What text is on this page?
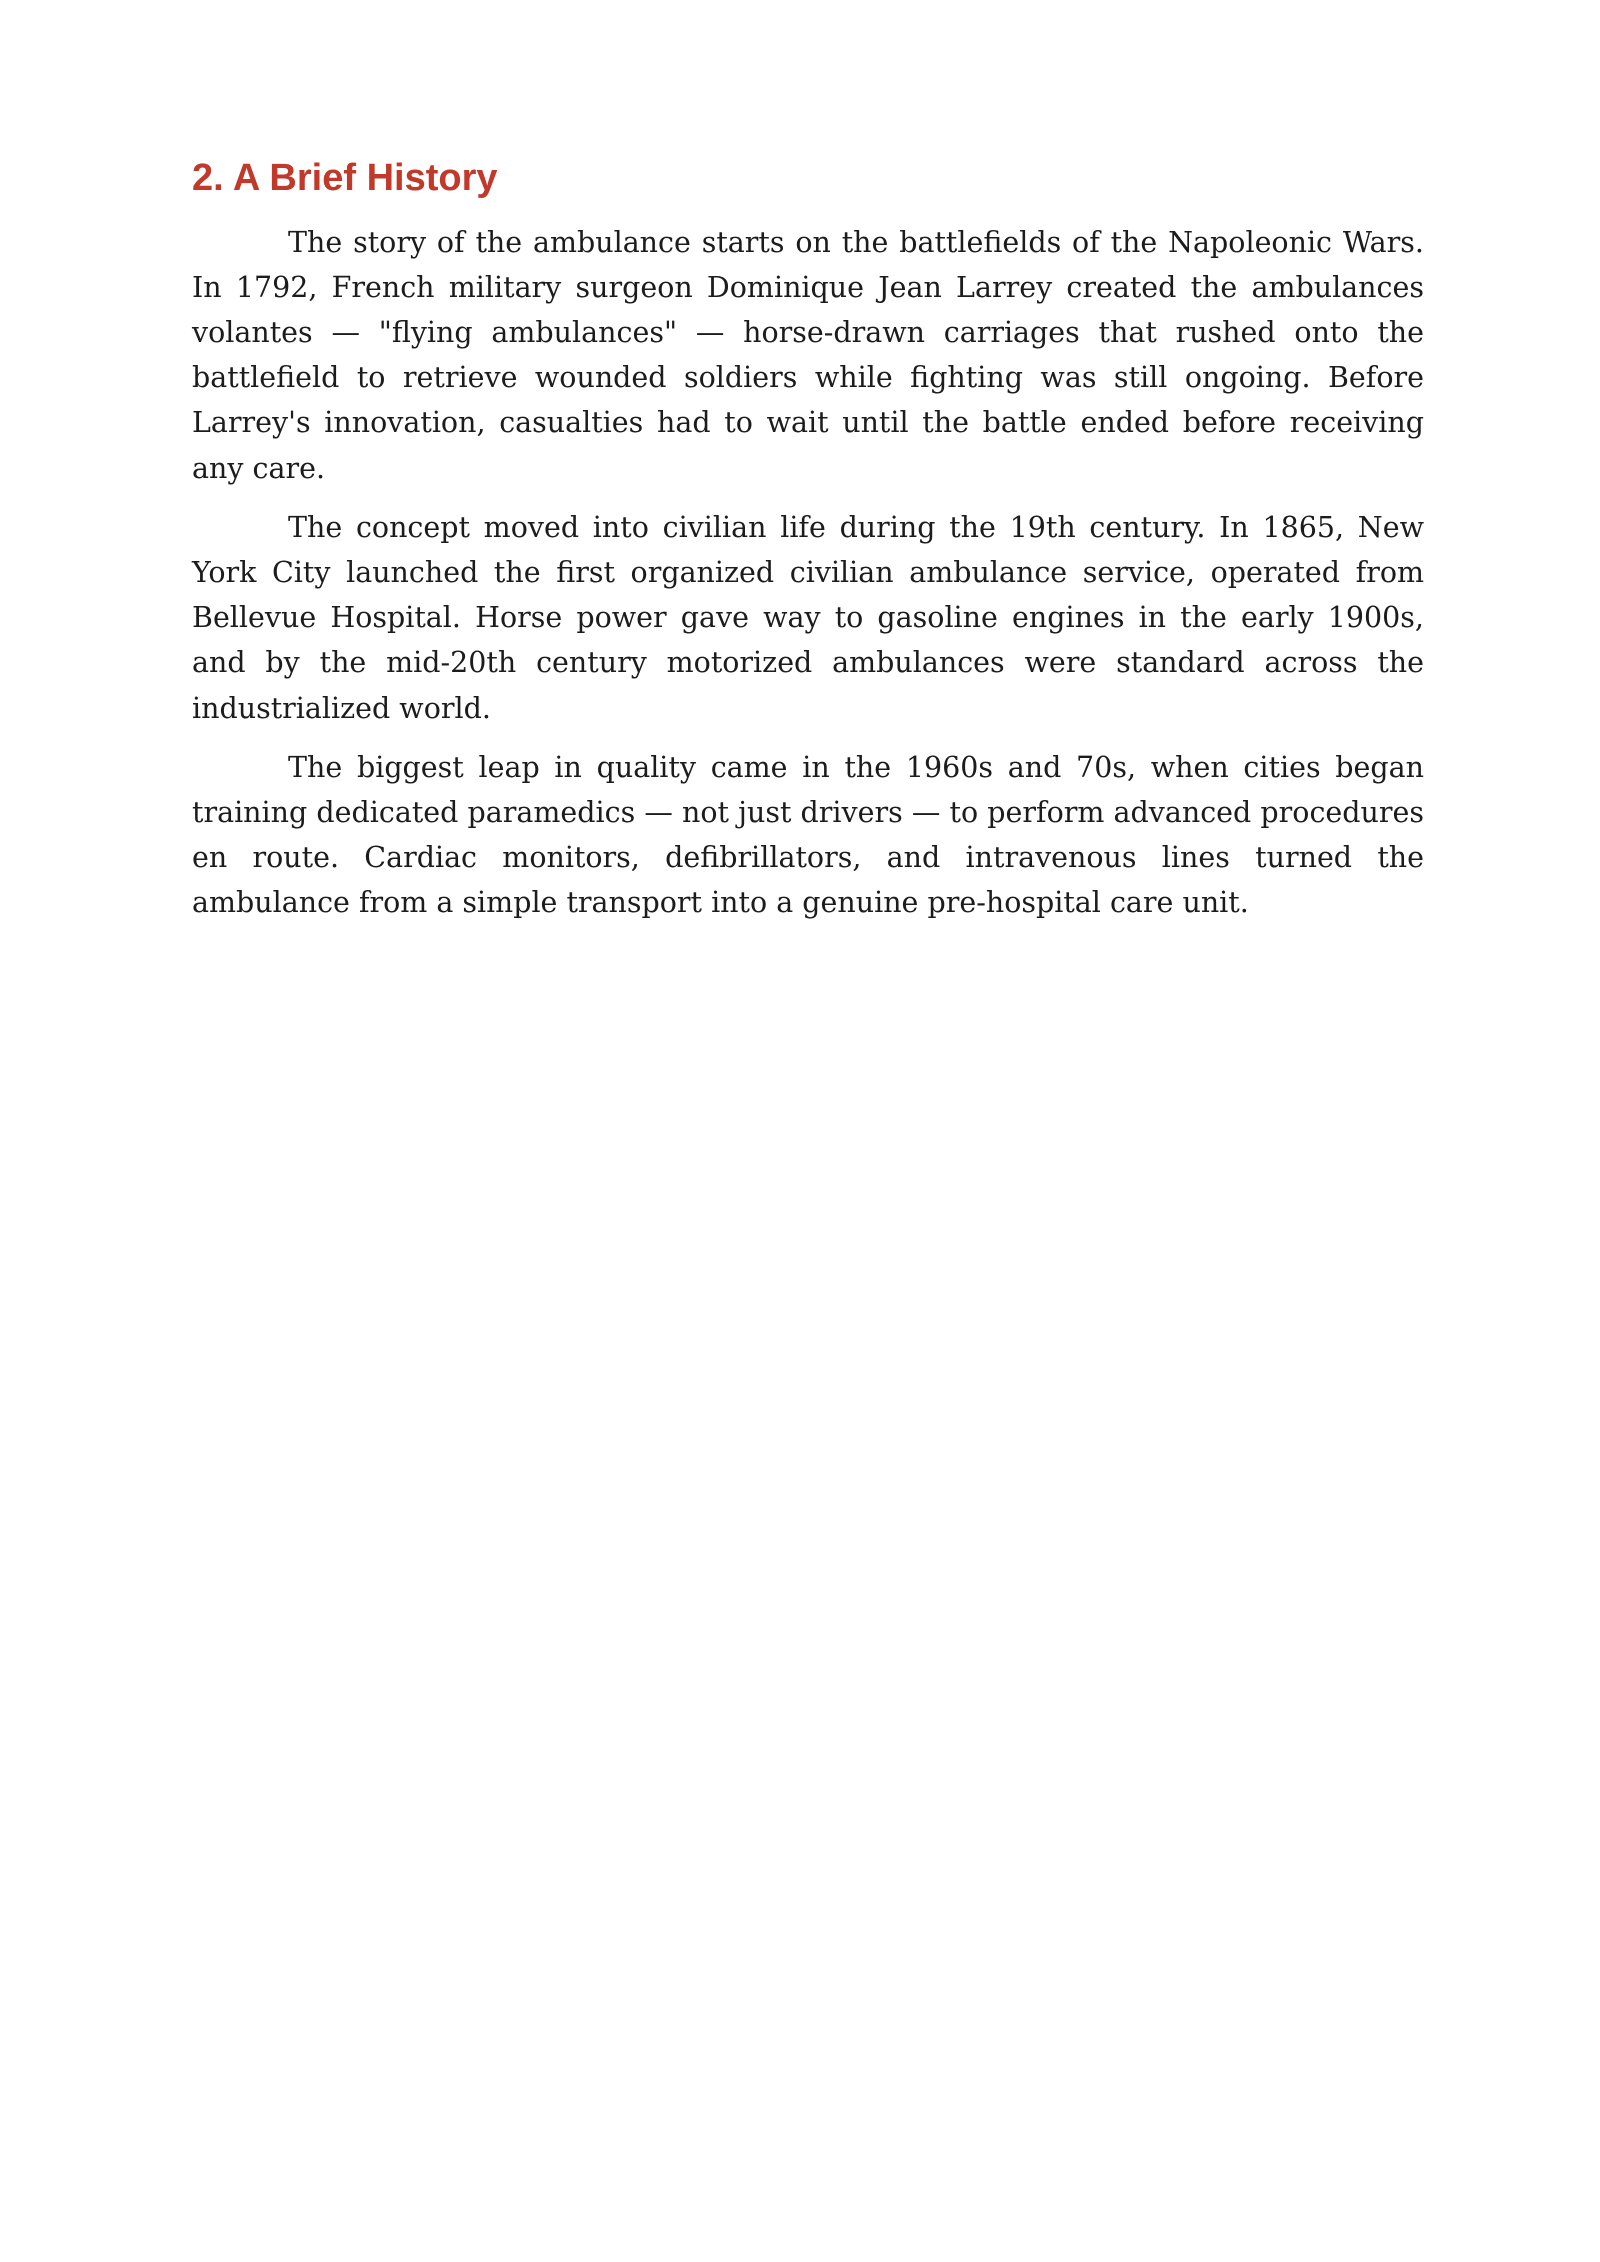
2. A Brief History

The story of the ambulance starts on the battlefields of the Napoleonic Wars. In 1792, French military surgeon Dominique Jean Larrey created the ambulances volantes — "flying ambulances" — horse-drawn carriages that rushed onto the battlefield to retrieve wounded soldiers while fighting was still ongoing. Before Larrey's innovation, casualties had to wait until the battle ended before receiving any care.

The concept moved into civilian life during the 19th century. In 1865, New York City launched the first organized civilian ambulance service, operated from Bellevue Hospital. Horse power gave way to gasoline engines in the early 1900s, and by the mid-20th century motorized ambulances were standard across the industrialized world.

The biggest leap in quality came in the 1960s and 70s, when cities began training dedicated paramedics — not just drivers — to perform advanced procedures en route. Cardiac monitors, defibrillators, and intravenous lines turned the ambulance from a simple transport into a genuine pre-hospital care unit.
